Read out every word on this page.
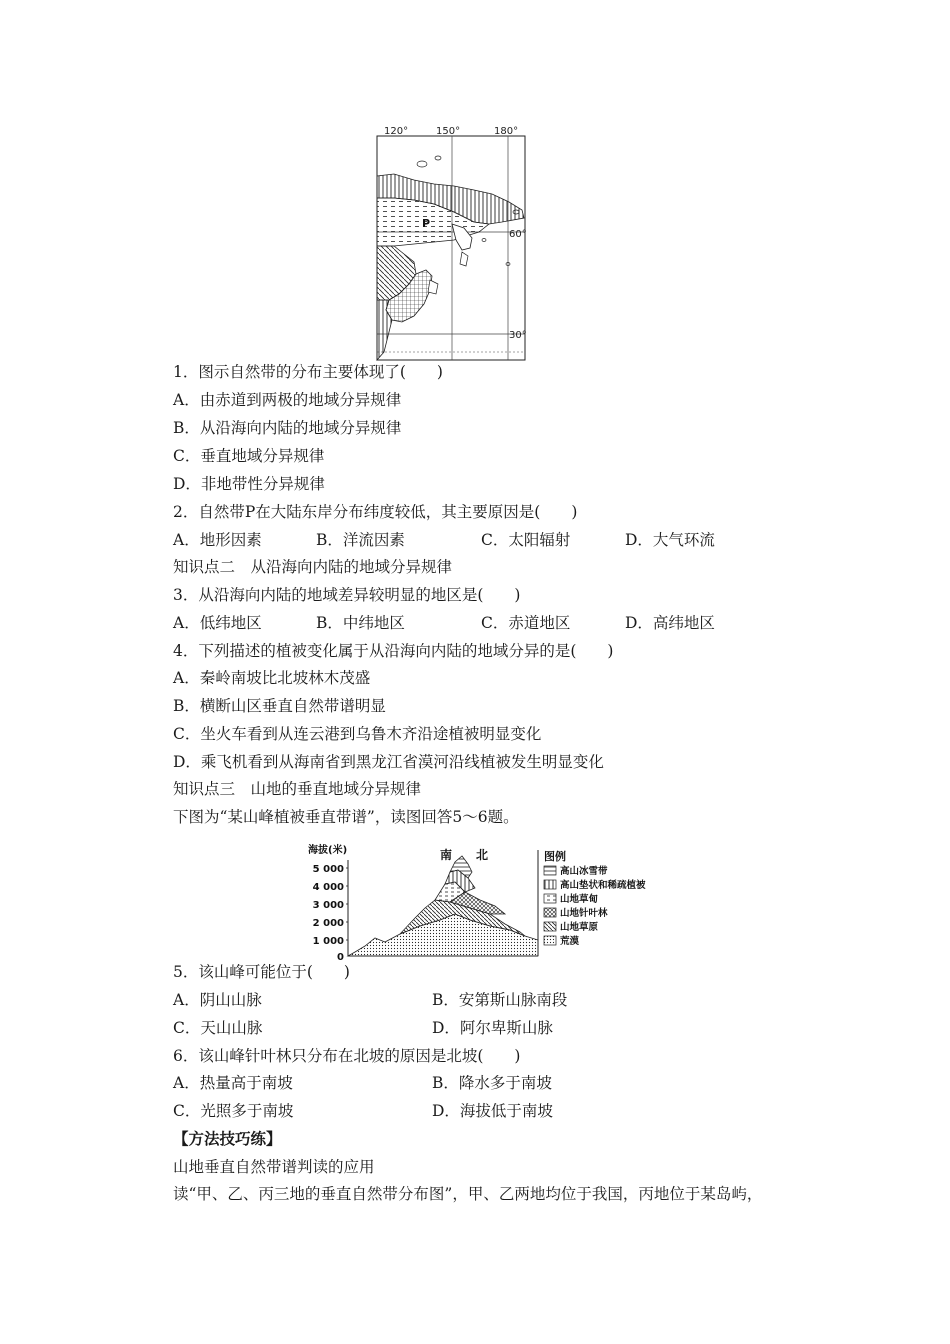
120°	150°	180°
60°
30°
P
1．图示自然带的分布主要体现了(　　)
A．由赤道到两极的地域分异规律
B．从沿海向内陆的地域分异规律
C．垂直地域分异规律
D．非地带性分异规律
2．自然带P在大陆东岸分布纬度较低，其主要原因是(　　)
A．地形因素	B．洋流因素	C．太阳辐射	D．大气环流
知识点二　从沿海向内陆的地域分异规律
3．从沿海向内陆的地域差异较明显的地区是(　　)
A．低纬地区	B．中纬地区	C．赤道地区	D．高纬地区
4．下列描述的植被变化属于从沿海向内陆的地域分异的是(　　)
A．秦岭南坡比北坡林木茂盛
B．横断山区垂直自然带谱明显
C．坐火车看到从连云港到乌鲁木齐沿途植被明显变化
D．乘飞机看到从海南省到黑龙江省漠河沿线植被发生明显变化
知识点三　山地的垂直地域分异规律
下图为“某山峰植被垂直带谱”，读图回答5～6题。
海拔(米)
5 000
4 000
3 000
2 000
1 000
0
南 北	图例
高山冰雪带
高山垫状和稀疏植被
山地草甸
山地针叶林
山地草原
荒漠
5．该山峰可能位于(　　)
A．阴山山脉	B．安第斯山脉南段
C．天山山脉	D．阿尔卑斯山脉
6．该山峰针叶林只分布在北坡的原因是北坡(　　)
A．热量高于南坡	B．降水多于南坡
C．光照多于南坡	D．海拔低于南坡
【方法技巧练】
山地垂直自然带谱判读的应用
读“甲、乙、丙三地的垂直自然带分布图”，甲、乙两地均位于我国，丙地位于某岛屿，
